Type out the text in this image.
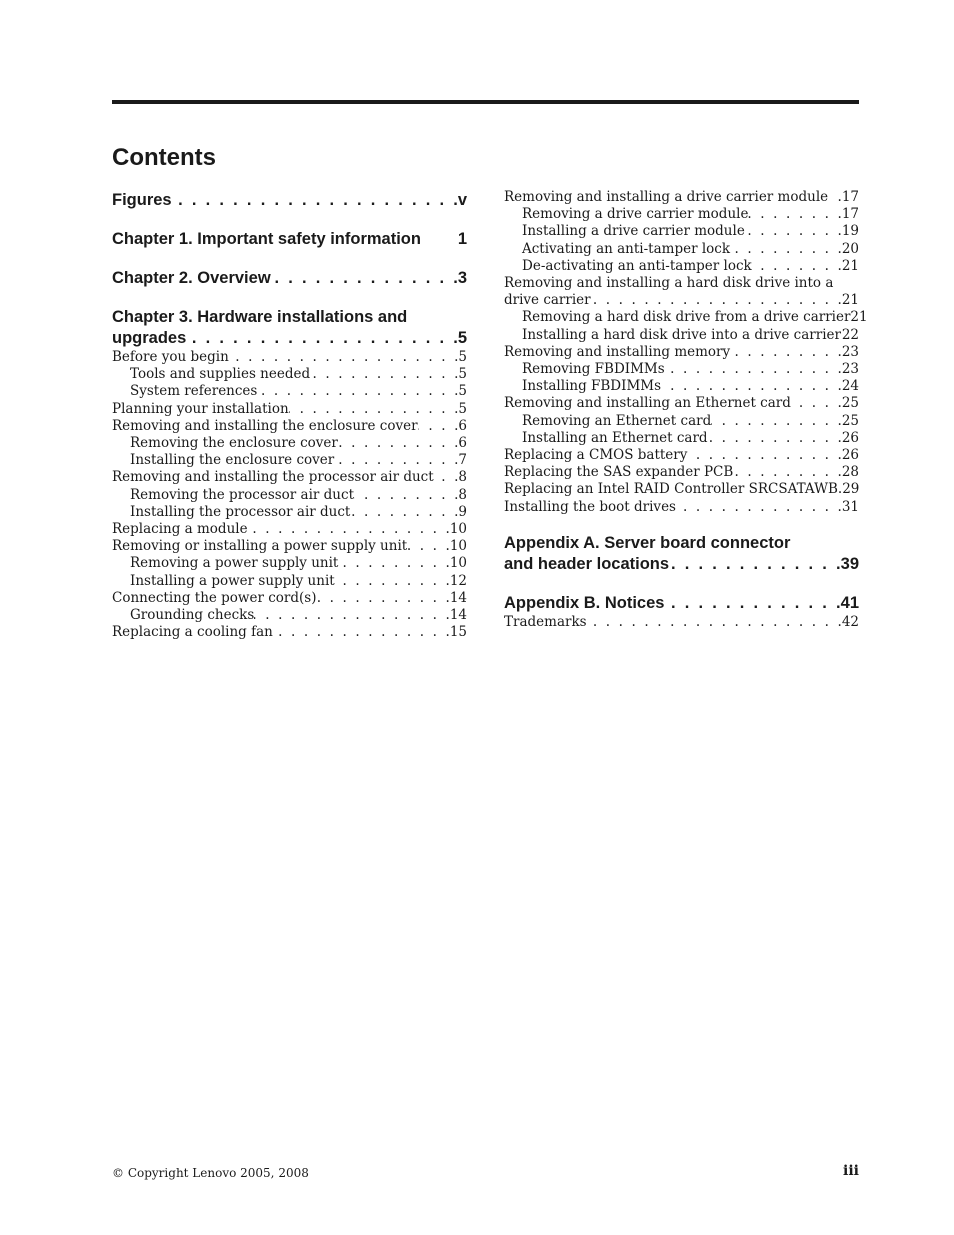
Contents
Figures . .	v
Chapter 1. Important safety information 1
Chapter 2. Overview . .	3
Chapter 3. Hardware installations and
upgrades . .	5
Before you begin . .	5
Tools and supplies needed . .	5
System references . .	5
Planning your installation . .	5
Removing and installing the enclosure cover . .	6
Removing the enclosure cover . .	6
Installing the enclosure cover . .	7
Removing and installing the processor air duct . . 8
Removing the processor air duct . .	8
Installing the processor air duct . .	9
Replacing a module . .	10
Removing or installing a power supply unit . .	10
Removing a power supply unit . .	10
Installing a power supply unit . .	12
Connecting the power cord(s) . .	14
Grounding checks . .	14
Replacing a cooling fan . .	15
Removing and installing a drive carrier module . . 17
Removing a drive carrier module . .	17
Installing a drive carrier module . .	19
Activating an anti-tamper lock . .	20
De-activating an anti-tamper lock . .	21
Removing and installing a hard disk drive into a
drive carrier . .	21
Removing a hard disk drive from a drive carrier 21
Installing a hard disk drive into a drive carrier . . 22
Removing and installing memory . .	23
Removing FBDIMMs . .	23
Installing FBDIMMs . .	24
Removing and installing an Ethernet card . .	25
Removing an Ethernet card . .	25
Installing an Ethernet card . .	26
Replacing a CMOS battery . .	26
Replacing the SAS expander PCB . .	28
Replacing an Intel RAID Controller SRCSATAWB. 29
Installing the boot drives . .	31
Appendix A. Server board connector
and header locations . .	39
Appendix B. Notices . .	41
Trademarks . .	42
© Copyright Lenovo 2005, 2008	iii
